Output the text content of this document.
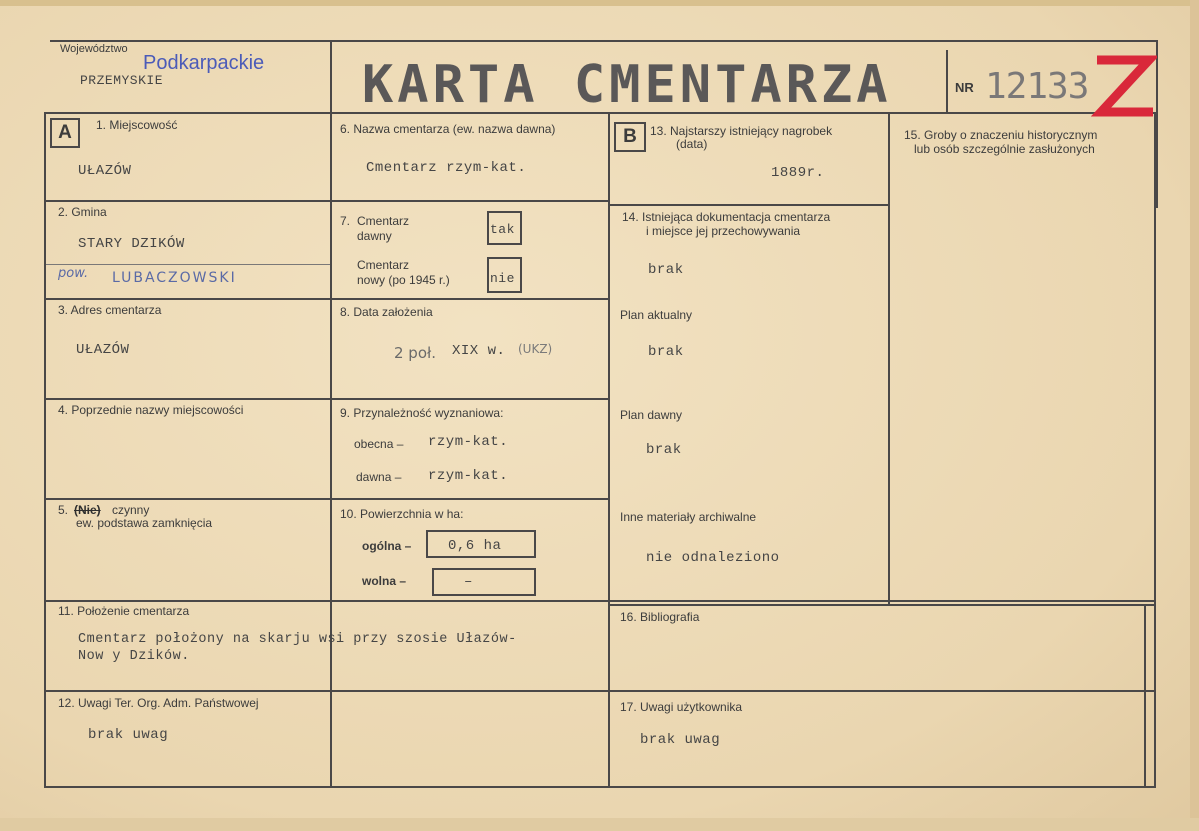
Województwo
Podkarpackie
PRZEMYSKIE	KARTA CMENTARZA	NR 12133
A	1. Miejscowość
UŁAZÓW
2. Gmina
STARY DZIKÓW
pow. LUBACZOWSKI
3. Adres cmentarza
UŁAZÓW
4. Poprzednie nazwy miejscowości
5. (Nie) czynny
ew. podstawa zamknięcia
6. Nazwa cmentarza (ew. nazwa dawna)
Cmentarz rzym-kat.
7. Cmentarz
dawny	tak
Cmentarz
nowy (po 1945 r.)	nie
8. Data założenia
2 poł. XIX w. (UKZ)
9. Przynależność wyznaniowa:
obecna – rzym-kat.
dawna – rzym-kat.
10. Powierzchnia w ha:
ogólna –	0,6 ha
wolna –	–
11. Położenie cmentarza
Cmentarz położony na skarju wsi przy szosie Ułazów-
Now y Dzików.
12. Uwagi Ter. Org. Adm. Państwowej
brak uwag
B	13. Najstarszy istniejący nagrobek
(data)
1889r.
14. Istniejąca dokumentacja cmentarza
i miejsce jej przechowywania
brak
Plan aktualny
brak
Plan dawny
brak
Inne materiały archiwalne
nie odnaleziono
15. Groby o znaczeniu historycznym
lub osób szczególnie zasłużonych
16. Bibliografia
17. Uwagi użytkownika
brak uwag
